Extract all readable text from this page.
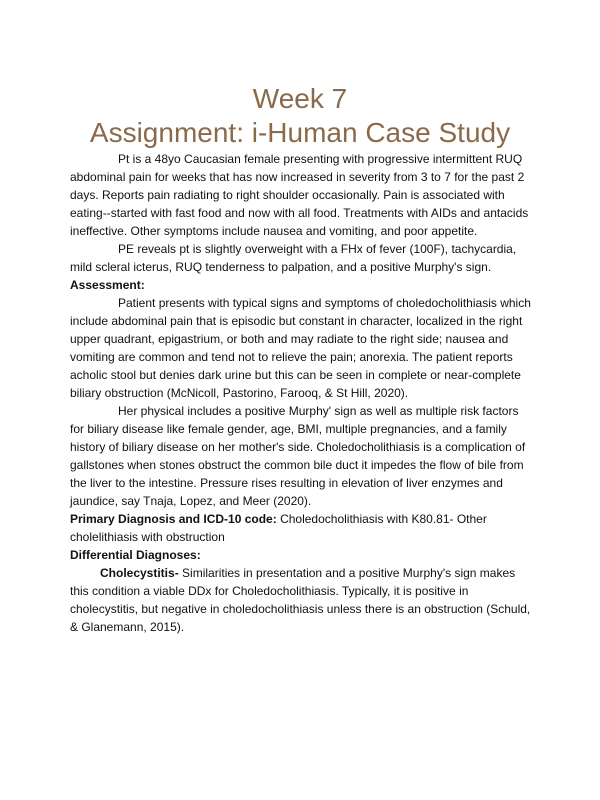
Week 7
Assignment: i-Human Case Study

Pt is a 48yo Caucasian female presenting with progressive intermittent RUQ abdominal pain for weeks that has now increased in severity from 3 to 7 for the past 2 days. Reports pain radiating to right shoulder occasionally. Pain is associated with eating--started with fast food and now with all food. Treatments with AIDs and antacids ineffective. Other symptoms include nausea and vomiting, and poor appetite.

PE reveals pt is slightly overweight with a FHx of fever (100F), tachycardia, mild scleral icterus, RUQ tenderness to palpation, and a positive Murphy's sign.

Assessment:

Patient presents with typical signs and symptoms of choledocholithiasis which include abdominal pain that is episodic but constant in character, localized in the right upper quadrant, epigastrium, or both and may radiate to the right side; nausea and vomiting are common and tend not to relieve the pain; anorexia. The patient reports acholic stool but denies dark urine but this can be seen in complete or near-complete biliary obstruction (McNicoll, Pastorino, Farooq, & St Hill, 2020).

Her physical includes a positive Murphy' sign as well as multiple risk factors for biliary disease like female gender, age, BMI, multiple pregnancies, and a family history of biliary disease on her mother's side. Choledocholithiasis is a complication of gallstones when stones obstruct the common bile duct it impedes the flow of bile from the liver to the intestine. Pressure rises resulting in elevation of liver enzymes and jaundice, say Tnaja, Lopez, and Meer (2020).

Primary Diagnosis and ICD-10 code: Choledocholithiasis with K80.81- Other cholelithiasis with obstruction

Differential Diagnoses:

Cholecystitis- Similarities in presentation and a positive Murphy's sign makes this condition a viable DDx for Choledocholithiasis. Typically, it is positive in cholecystitis, but negative in choledocholithiasis unless there is an obstruction (Schuld, & Glanemann, 2015).
